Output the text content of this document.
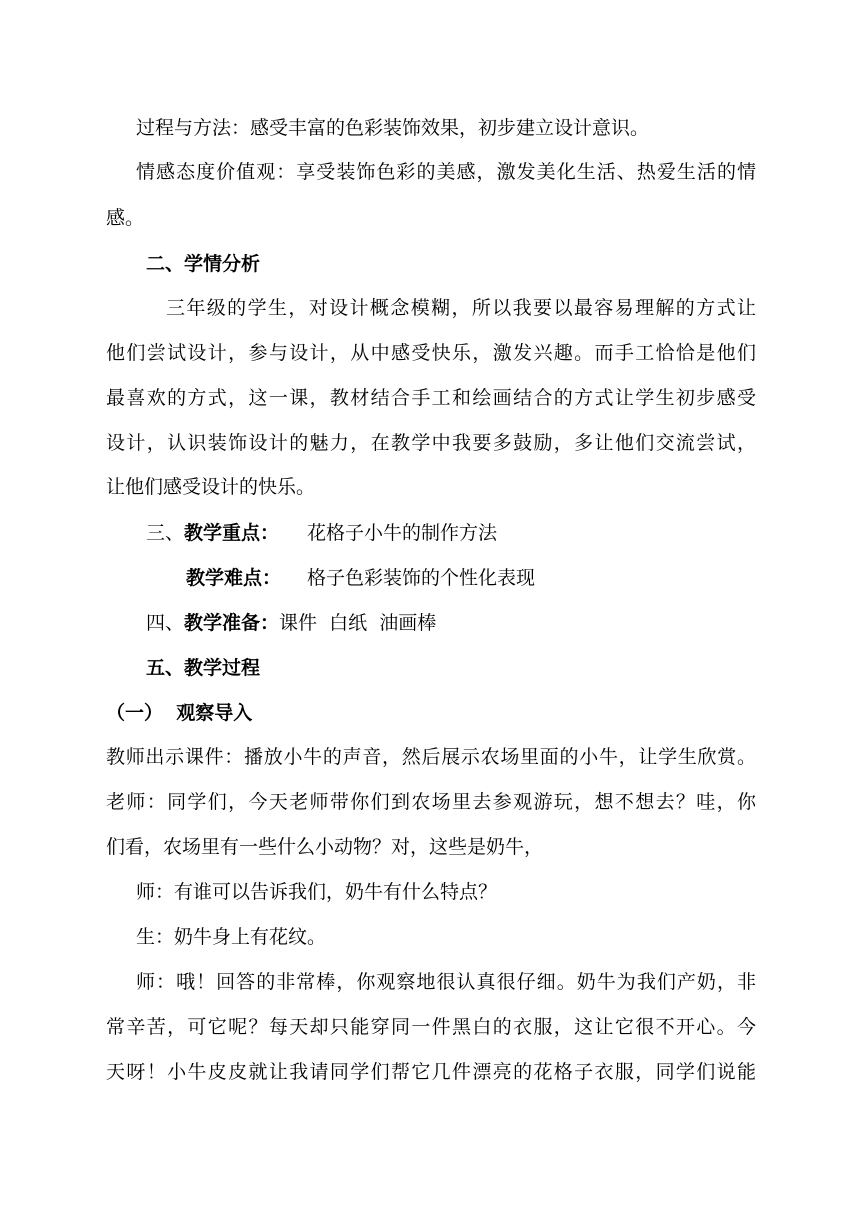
过程与方法：感受丰富的色彩装饰效果，初步建立设计意识。
情感态度价值观：享受装饰色彩的美感，激发美化生活、热爱生活的情
感。
二、学情分析
三年级的学生，对设计概念模糊，所以我要以最容易理解的方式让
他们尝试设计，参与设计，从中感受快乐，激发兴趣。而手工恰恰是他们
最喜欢的方式，这一课，教材结合手工和绘画结合的方式让学生初步感受
设计，认识装饰设计的魅力，在教学中我要多鼓励，多让他们交流尝试，
让他们感受设计的快乐。
三、教学重点： 花格子小牛的制作方法
教学难点： 格子色彩装饰的个性化表现
四、教学准备：课件  白纸  油画棒
五、教学过程
（一）  观察导入
教师出示课件：播放小牛的声音，然后展示农场里面的小牛，让学生欣赏。
老师：同学们，今天老师带你们到农场里去参观游玩，想不想去？哇，你
们看，农场里有一些什么小动物？对，这些是奶牛，
师：有谁可以告诉我们，奶牛有什么特点？
生：奶牛身上有花纹。
师：哦！回答的非常棒，你观察地很认真很仔细。奶牛为我们产奶，非
常辛苦，可它呢？每天却只能穿同一件黑白的衣服，这让它很不开心。今
天呀！小牛皮皮就让我请同学们帮它几件漂亮的花格子衣服，同学们说能
